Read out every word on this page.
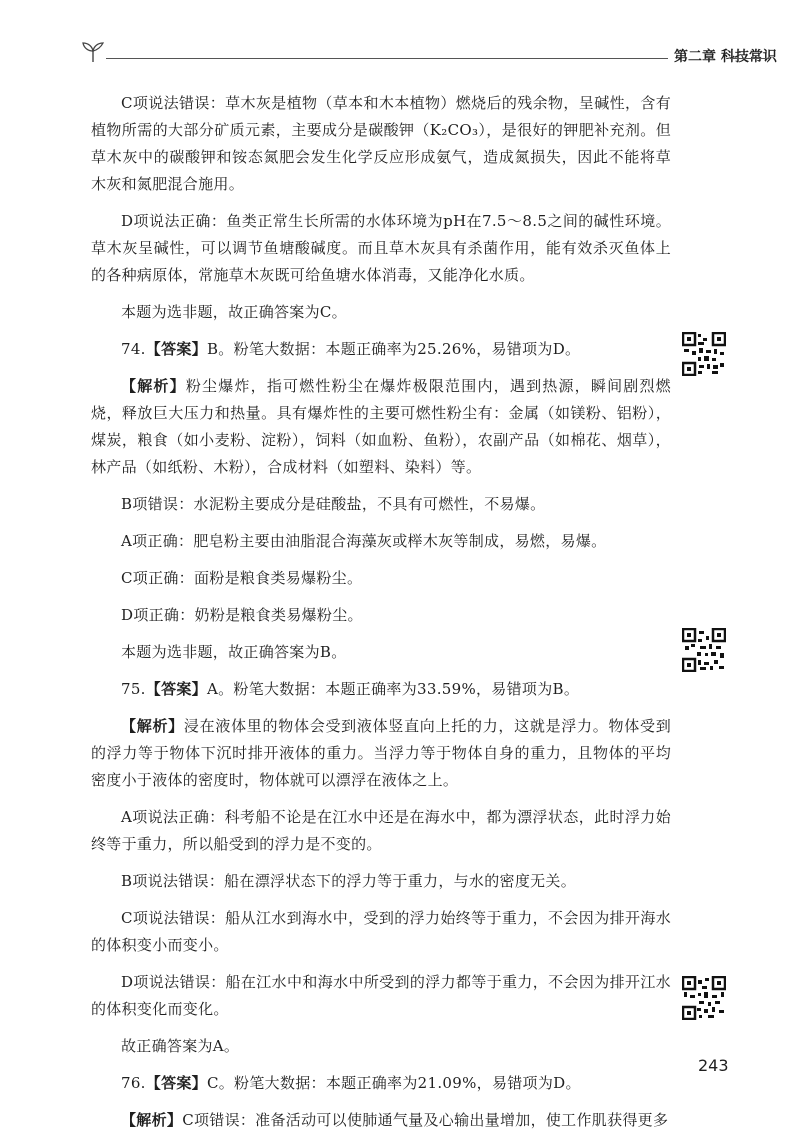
第二章 科技常识

C项说法错误：草木灰是植物（草本和木本植物）燃烧后的残余物，呈碱性，含有植物所需的大部分矿质元素，主要成分是碳酸钾（K₂CO₃），是很好的钾肥补充剂。但草木灰中的碳酸钾和铵态氮肥会发生化学反应形成氨气，造成氮损失，因此不能将草木灰和氮肥混合施用。

D项说法正确：鱼类正常生长所需的水体环境为pH在7.5～8.5之间的碱性环境。草木灰呈碱性，可以调节鱼塘酸碱度。而且草木灰具有杀菌作用，能有效杀灭鱼体上的各种病原体，常施草木灰既可给鱼塘水体消毒，又能净化水质。

本题为选非题，故正确答案为C。

74.【答案】B。粉笔大数据：本题正确率为25.26%，易错项为D。

【解析】粉尘爆炸，指可燃性粉尘在爆炸极限范围内，遇到热源，瞬间剧烈燃烧，释放巨大压力和热量。具有爆炸性的主要可燃性粉尘有：金属（如镁粉、铝粉），煤炭，粮食（如小麦粉、淀粉），饲料（如血粉、鱼粉），农副产品（如棉花、烟草），林产品（如纸粉、木粉），合成材料（如塑料、染料）等。

B项错误：水泥粉主要成分是硅酸盐，不具有可燃性，不易爆。

A项正确：肥皂粉主要由油脂混合海藻灰或榉木灰等制成，易燃，易爆。

C项正确：面粉是粮食类易爆粉尘。

D项正确：奶粉是粮食类易爆粉尘。

本题为选非题，故正确答案为B。

75.【答案】A。粉笔大数据：本题正确率为33.59%，易错项为B。

【解析】浸在液体里的物体会受到液体竖直向上托的力，这就是浮力。物体受到的浮力等于物体下沉时排开液体的重力。当浮力等于物体自身的重力，且物体的平均密度小于液体的密度时，物体就可以漂浮在液体之上。

A项说法正确：科考船不论是在江水中还是在海水中，都为漂浮状态，此时浮力始终等于重力，所以船受到的浮力是不变的。

B项说法错误：船在漂浮状态下的浮力等于重力，与水的密度无关。

C项说法错误：船从江水到海水中，受到的浮力始终等于重力，不会因为排开海水的体积变小而变小。

D项说法错误：船在江水中和海水中所受到的浮力都等于重力，不会因为排开江水的体积变化而变化。

故正确答案为A。

76.【答案】C。粉笔大数据：本题正确率为21.09%，易错项为D。

【解析】C项错误：准备活动可以使肺通气量及心输出量增加，使工作肌获得更多

243
